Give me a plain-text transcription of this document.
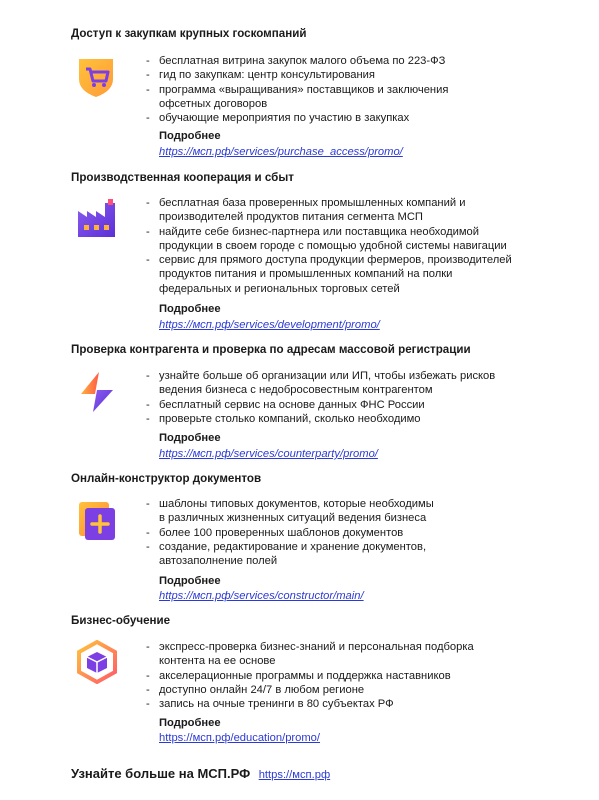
Доступ к закупкам крупных госкомпаний
- бесплатная витрина закупок малого объема по 223-ФЗ
- гид по закупкам: центр консультирования
- программа «выращивания» поставщиков и заключения
офсетных договоров
- обучающие мероприятия по участию в закупках
Подробнее
https://мсп.рф/services/purchase_access/promo/
Производственная кооперация и сбыт
- бесплатная база проверенных промышленных компаний и
производителей продуктов питания сегмента МСП
- найдите себе бизнес-партнера или поставщика необходимой
продукции в своем городе с помощью удобной системы навигации
- сервис для прямого доступа продукции фермеров, производителей
продуктов питания и промышленных компаний на полки
федеральных и региональных торговых сетей
Подробнее
https://мсп.рф/services/development/promo/
Проверка контрагента и проверка по адресам массовой регистрации
- узнайте больше об организации или ИП, чтобы избежать рисков
ведения бизнеса с недобросовестным контрагентом
- бесплатный сервис на основе данных ФНС России
- проверьте столько компаний, сколько необходимо
Подробнее
https://мсп.рф/services/counterparty/promo/
Онлайн-конструктор документов
- шаблоны типовых документов, которые необходимы
в различных жизненных ситуаций ведения бизнеса
- более 100 проверенных шаблонов документов
- создание, редактирование и хранение документов,
автозаполнение полей
Подробнее
https://мсп.рф/services/constructor/main/
Бизнес-обучение
- экспресс-проверка бизнес-знаний и персональная подборка
контента на ее основе
- акселерационные программы и поддержка наставников
- доступно онлайн 24/7 в любом регионе
- запись на очные тренинги в 80 субъектах РФ
Подробнее
https://мсп.рф/education/promo/
Узнайте больше на МСП.РФ https://мсп.рф
